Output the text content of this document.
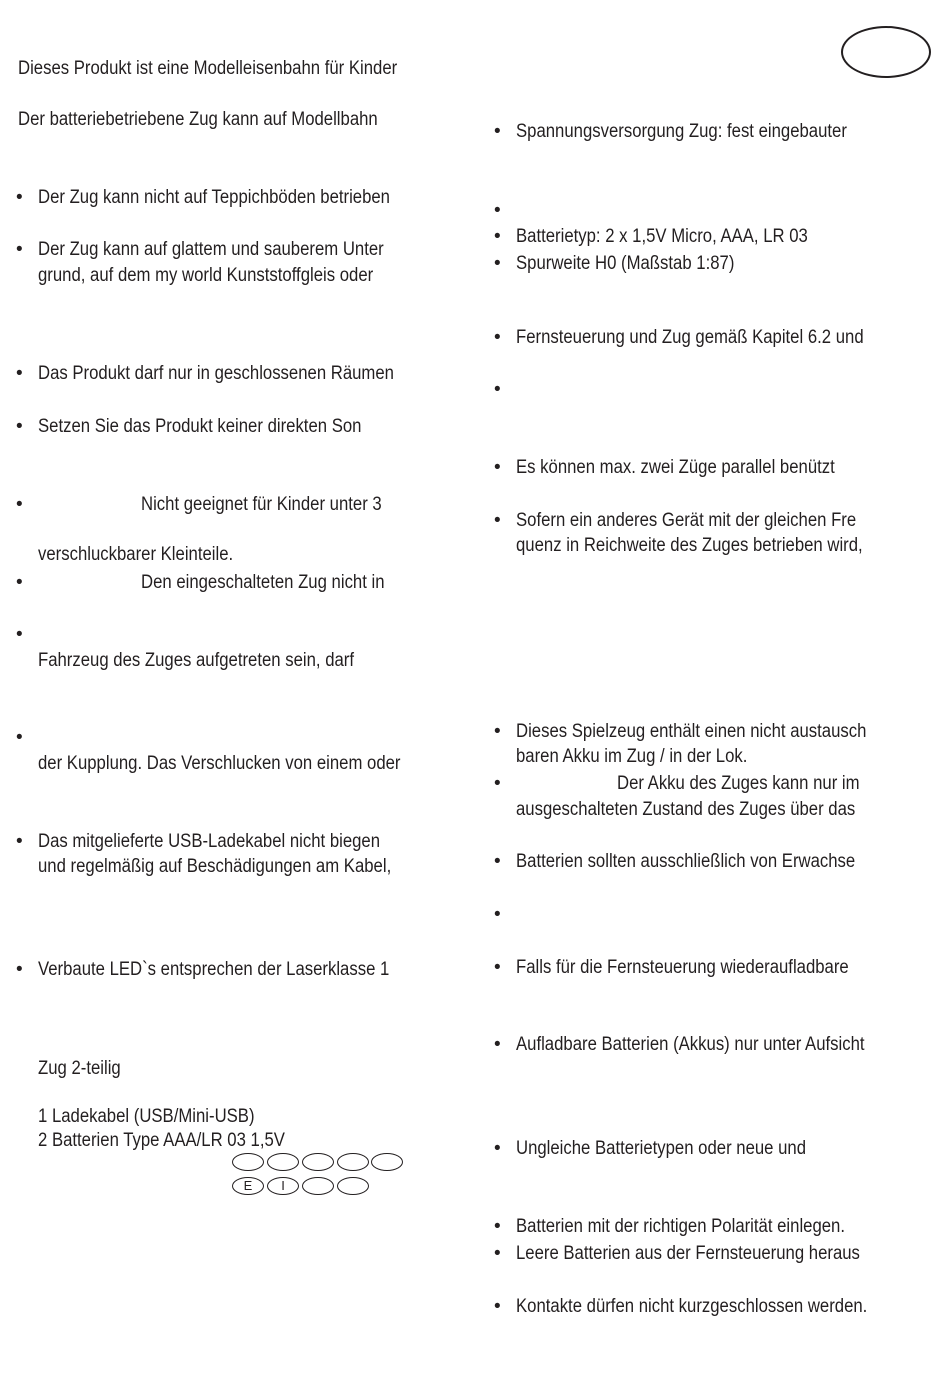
Dieses Produkt ist eine Modelleisenbahn für Kinder
Der batteriebetriebene Zug kann auf Modellbahn
• Der Zug kann nicht auf Teppichböden betrieben
• Der Zug kann auf glattem und sauberem Unter
grund, auf dem my world Kunststoffgleis oder
• Das Produkt darf nur in geschlossenen Räumen
• Setzen Sie das Produkt keiner direkten Son
•	Nicht geeignet für Kinder unter 3
verschluckbarer Kleinteile.
•	Den eingeschalteten Zug nicht in
•
Fahrzeug des Zuges aufgetreten sein, darf
•
der Kupplung. Das Verschlucken von einem oder
• Das mitgelieferte USB-Ladekabel nicht biegen
und regelmäßig auf Beschädigungen am Kabel,
• Verbaute LED`s entsprechen der Laserklasse 1
Zug 2-teilig
1 Ladekabel (USB/Mini-USB)
2 Batterien Type AAA/LR 03 1,5V
E	I
• Spannungsversorgung Zug: fest eingebauter
•
• Batterietyp: 2 x 1,5V Micro, AAA, LR 03
• Spurweite H0 (Maßstab 1:87)
• Fernsteuerung und Zug gemäß Kapitel 6.2 und
•
• Es können max. zwei Züge parallel benützt
• Sofern ein anderes Gerät mit der gleichen Fre
quenz in Reichweite des Zuges betrieben wird,
• Dieses Spielzeug enthält einen nicht austausch
baren Akku im Zug / in der Lok.
•	Der Akku des Zuges kann nur im
ausgeschalteten Zustand des Zuges über das
• Batterien sollten ausschließlich von Erwachse
•
• Falls für die Fernsteuerung wiederaufladbare
• Aufladbare Batterien (Akkus) nur unter Aufsicht
• Ungleiche Batterietypen oder neue und
• Batterien mit der richtigen Polarität einlegen.
• Leere Batterien aus der Fernsteuerung heraus
• Kontakte dürfen nicht kurzgeschlossen werden.
